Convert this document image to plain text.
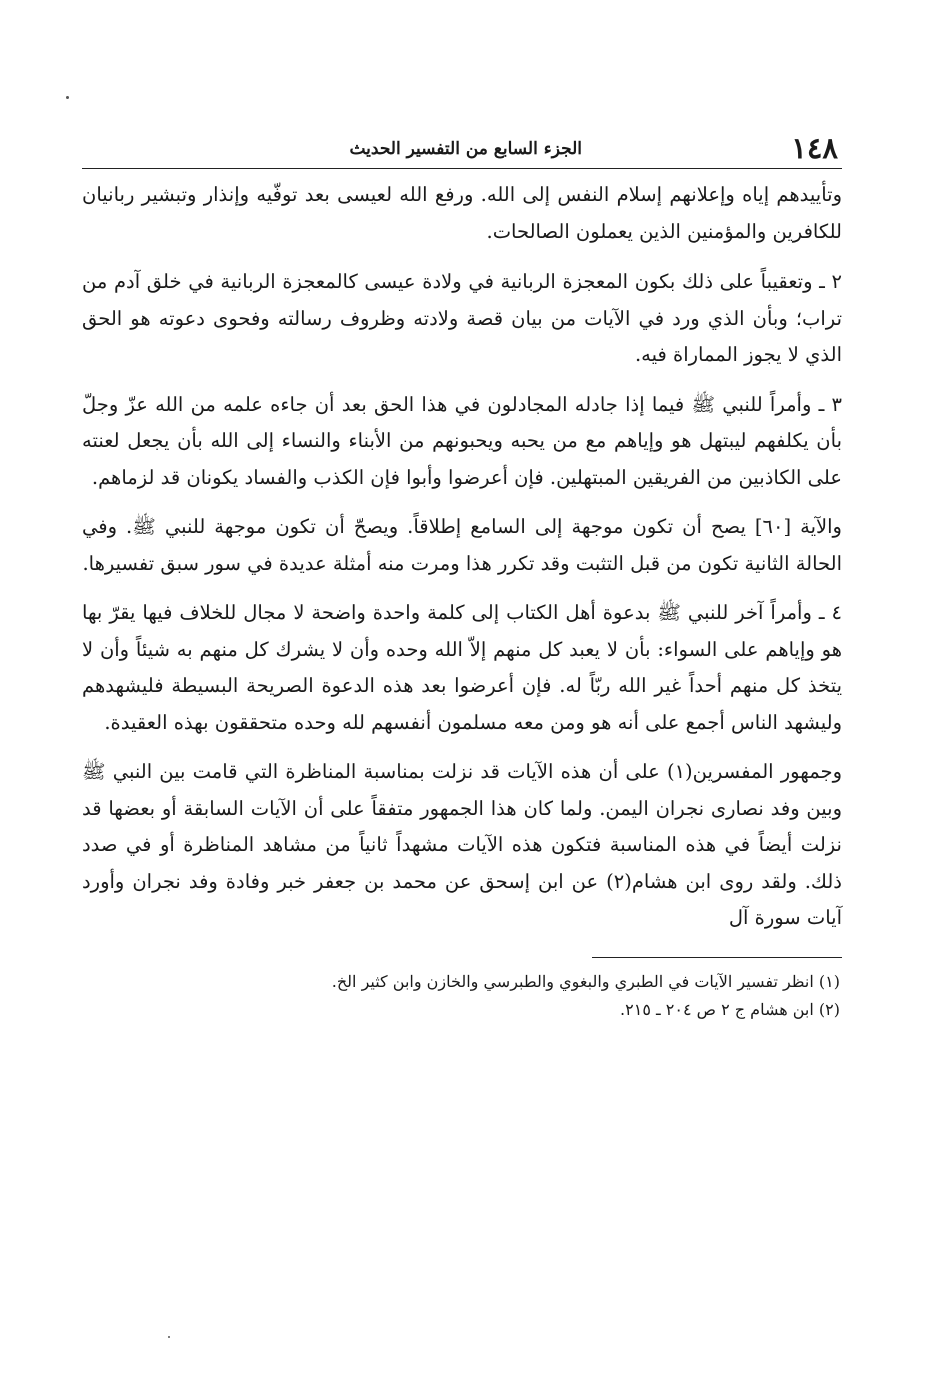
١٤٨
الجزء السابع من التفسير الحديث

وتأييدهم إياه وإعلانهم إسلام النفس إلى الله. ورفع الله لعيسى بعد توفّيه وإنذار وتبشير ربانيان للكافرين والمؤمنين الذين يعملون الصالحات.

٢ ـ وتعقيباً على ذلك بكون المعجزة الربانية في ولادة عيسى كالمعجزة الربانية في خلق آدم من تراب؛ وبأن الذي ورد في الآيات من بيان قصة ولادته وظروف رسالته وفحوى دعوته هو الحق الذي لا يجوز المماراة فيه.

٣ ـ وأمراً للنبي ﷺ فيما إذا جادله المجادلون في هذا الحق بعد أن جاءه علمه من الله عزّ وجلّ بأن يكلفهم ليبتهل هو وإياهم مع من يحبه ويحبونهم من الأبناء والنساء إلى الله بأن يجعل لعنته على الكاذبين من الفريقين المبتهلين. فإن أعرضوا وأبوا فإن الكذب والفساد يكونان قد لزماهم.

والآية [٦٠] يصح أن تكون موجهة إلى السامع إطلاقاً. ويصحّ أن تكون موجهة للنبي ﷺ. وفي الحالة الثانية تكون من قبل التثبت وقد تكرر هذا ومرت منه أمثلة عديدة في سور سبق تفسيرها.

٤ ـ وأمراً آخر للنبي ﷺ بدعوة أهل الكتاب إلى كلمة واحدة واضحة لا مجال للخلاف فيها يقرّ بها هو وإياهم على السواء: بأن لا يعبد كل منهم إلاّ الله وحده وأن لا يشرك كل منهم به شيئاً وأن لا يتخذ كل منهم أحداً غير الله ربّاً له. فإن أعرضوا بعد هذه الدعوة الصريحة البسيطة فليشهدهم وليشهد الناس أجمع على أنه هو ومن معه مسلمون أنفسهم لله وحده متحققون بهذه العقيدة.

وجمهور المفسرين(١) على أن هذه الآيات قد نزلت بمناسبة المناظرة التي قامت بين النبي ﷺ وبين وفد نصارى نجران اليمن. ولما كان هذا الجمهور متفقاً على أن الآيات السابقة أو بعضها قد نزلت أيضاً في هذه المناسبة فتكون هذه الآيات مشهداً ثانياً من مشاهد المناظرة أو في صدد ذلك. ولقد روى ابن هشام(٢) عن ابن إسحق عن محمد بن جعفر خبر وفادة وفد نجران وأورد آيات سورة آل

(١) انظر تفسير الآيات في الطبري والبغوي والطبرسي والخازن وابن كثير الخ.
(٢) ابن هشام ج ٢ ص ٢٠٤ ـ ٢١٥.
